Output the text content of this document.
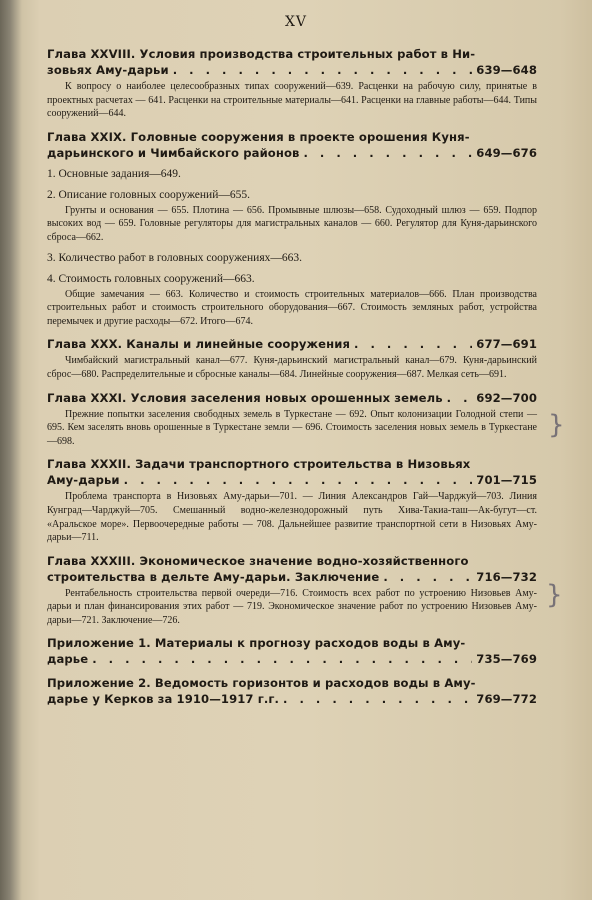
XV
Глава XXVIII. Условия производства строительных работ в Ни-
зовьях Аму-дарьи . . .	639—648
К вопросу о наиболее целесообразных типах сооружений—639. Расценки на рабочую силу, принятые в проектных расчетах — 641. Расценки на строительные материалы—641. Расценки на главные работы—644. Типы сооружений—644.
Глава XXIX. Головные сооружения в проекте орошения Куня-
дарьинского и Чимбайского районов . . .	649—676
1. Основные задания—649.
2. Описание головных сооружений—655.
Грунты и основания — 655. Плотина — 656. Промывные шлюзы—658. Судоходный шлюз — 659. Подпор высоких вод — 659. Головные регуляторы для магистральных каналов — 660. Регулятор для Куня-дарьинского сброса—662.
3. Количество работ в головных сооружениях—663.
4. Стоимость головных сооружений—663.
Общие замечания — 663. Количество и стоимость строительных материалов—666. План производства строительных работ и стоимость строительного оборудования—667. Стоимость земляных работ, устройства перемычек и другие расходы—672. Итого—674.
Глава XXX. Каналы и линейные сооружения . . .	677—691
Чимбайский магистральный канал—677. Куня-дарьинский магистральный канал—679. Куня-дарьинский сброс—680. Распределительные и сбросные каналы—684. Линейные сооружения—687. Мелкая сеть—691.
Глава XXXI. Условия заселения новых орошенных земель . . .	692—700
Прежние попытки заселения свободных земель в Туркестане — 692. Опыт колонизации Голодной степи — 695. Кем заселять вновь орошенные в Туркестане земли — 696. Стоимость заселения новых земель в Туркестане—698.
Глава XXXII. Задачи транспортного строительства в Низовьях
Аму-дарьи . . .	701—715
Проблема транспорта в Низовьях Аму-дарьи—701. — Линия Александров Гай—Чарджуй—703. Линия Кунград—Чарджуй—705. Смешанный водно-железнодорожный путь Хива-Такиа-таш—Ак-бугут—ст. «Аральское море». Первоочередные работы — 708. Дальнейшее развитие транспортной сети в Низовьях Аму-дарьи—711.
Глава XXXIII. Экономическое значение водно-хозяйственного
строительства в дельте Аму-дарьи. Заключение . . .	716—732
Рентабельность строительства первой очереди—716. Стоимость всех работ по устроению Низовьев Аму-дарьи и план финансирования этих работ — 719. Экономическое значение работ по устроению Низовьев Аму-дарьи—721. Заключение—726.
Приложение 1. Материалы к прогнозу расходов воды в Аму-
дарье . . .	735—769
Приложение 2. Ведомость горизонтов и расходов воды в Аму-
дарье у Керков за 1910—1917 г.г. . . .	769—772
}
}
